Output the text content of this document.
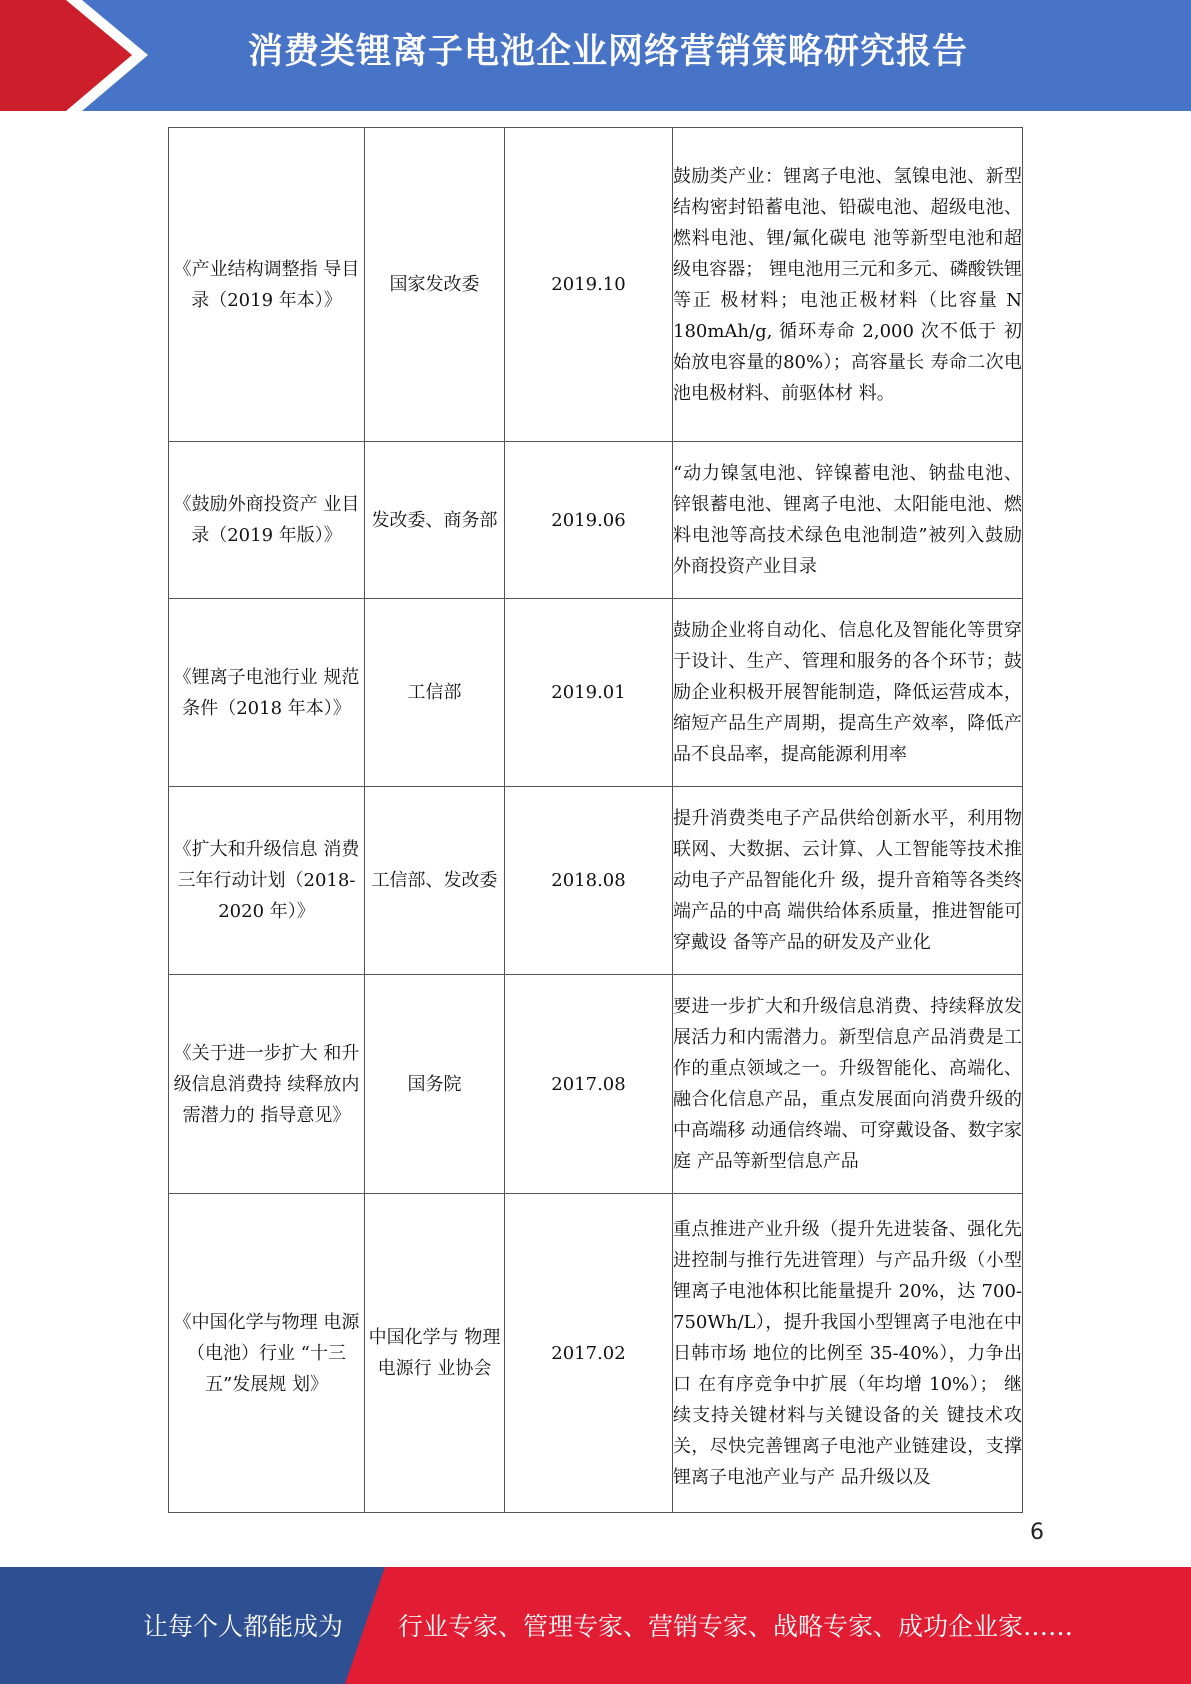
消费类锂离子电池企业网络营销策略研究报告
《产业结构调整指 导目录（2019 年本）》	国家发改委	2019.10	鼓励类产业：锂离子电池、氢镍电池、新型结构密封铅蓄电池、铅碳电池、超级电池、燃料电池、锂/氟化碳电 池等新型电池和超级电容器； 锂电池用三元和多元、磷酸铁锂等正 极材料；电池正极材料（比容量 N 180mAh/g, 循环寿命 2,000 次不低于 初始放电容量的80%）；高容量长 寿命二次电池电极材料、前驱体材 料。
《鼓励外商投资产 业目录（2019 年版）》	发改委、商务部	2019.06	“动力镍氢电池、锌镍蓄电池、钠盐电池、锌银蓄电池、锂离子电池、太阳能电池、燃料电池等高技术绿色电池制造”被列入鼓励外商投资产业目录
《锂离子电池行业 规范条件（2018 年本）》	工信部	2019.01	鼓励企业将自动化、信息化及智能化等贯穿于设计、生产、管理和服务的各个环节；鼓励企业积极开展智能制造，降低运营成本，缩短产品生产周期，提高生产效率，降低产品不良品率，提高能源利用率
《扩大和升级信息 消费三年行动计划（2018-2020 年）》	工信部、发改委	2018.08	提升消费类电子产品供给创新水平，利用物联网、大数据、云计算、人工智能等技术推动电子产品智能化升 级，提升音箱等各类终端产品的中高 端供给体系质量，推进智能可穿戴设 备等产品的研发及产业化
《关于进一步扩大 和升级信息消费持 续释放内需潜力的 指导意见》	国务院	2017.08	要进一步扩大和升级信息消费、持续释放发展活力和内需潜力。新型信息产品消费是工作的重点领域之一。升级智能化、高端化、融合化信息产品，重点发展面向消费升级的中高端移 动通信终端、可穿戴设备、数字家庭 产品等新型信息产品
《中国化学与物理 电源（电池）行业 “十三五”发展规 划》	中国化学与 物理电源行 业协会	2017.02	重点推进产业升级（提升先进装备、强化先进控制与推行先进管理）与产品升级（小型锂离子电池体积比能量提升 20%，达 700-750Wh/L），提升我国小型锂离子电池在中日韩市场 地位的比例至 35-40%），力争出口 在有序竞争中扩展（年均增 10%）； 继续支持关键材料与关键设备的关 键技术攻关，尽快完善锂离子电池产业链建设，支撑锂离子电池产业与产 品升级以及
6
让每个人都能成为 行业专家、管理专家、营销专家、战略专家、成功企业家……
